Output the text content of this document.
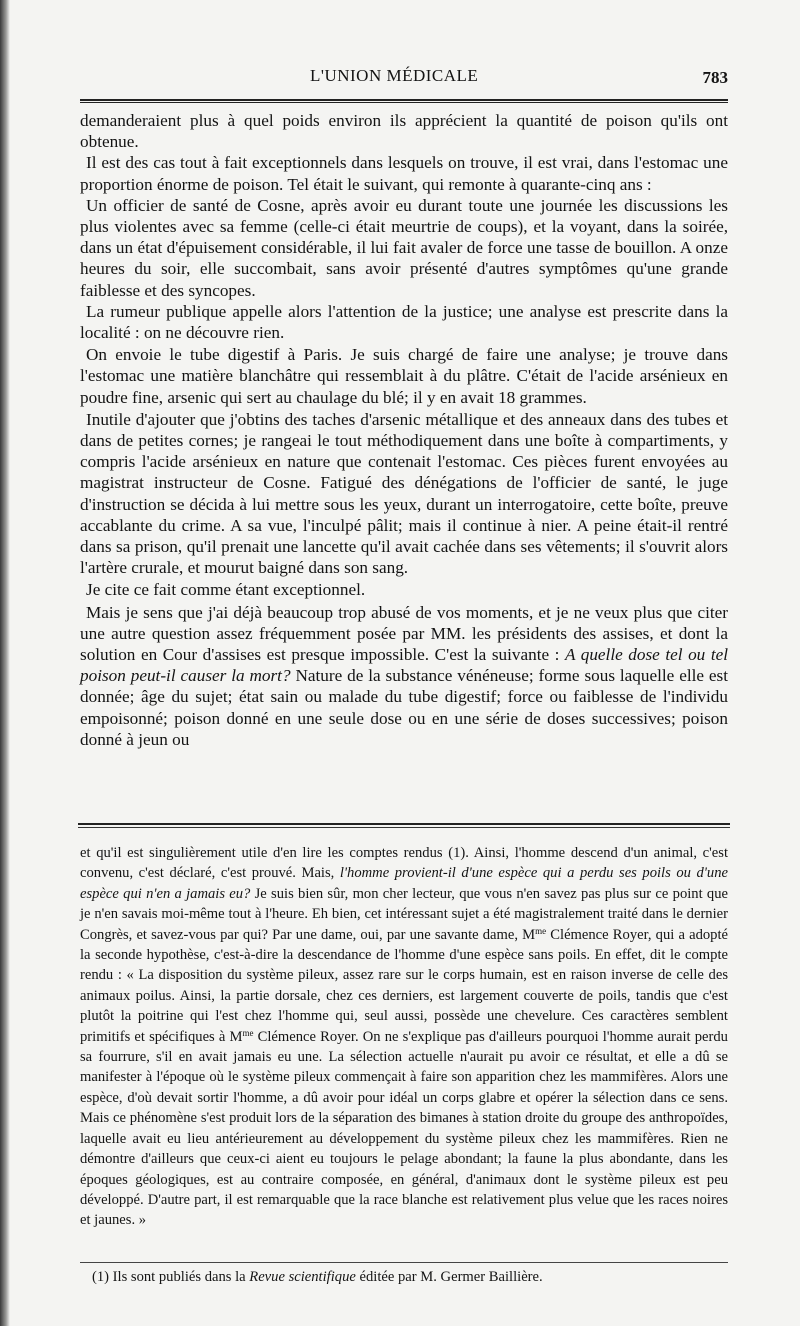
L'UNION MÉDICALE	783

demanderaient plus à quel poids environ ils apprécient la quantité de poison qu'ils ont obtenue.

Il est des cas tout à fait exceptionnels dans lesquels on trouve, il est vrai, dans l'estomac une proportion énorme de poison. Tel était le suivant, qui remonte à quarante-cinq ans :

Un officier de santé de Cosne, après avoir eu durant toute une journée les discussions les plus violentes avec sa femme (celle-ci était meurtrie de coups), et la voyant, dans la soirée, dans un état d'épuisement considérable, il lui fait avaler de force une tasse de bouillon. A onze heures du soir, elle succombait, sans avoir présenté d'autres symptômes qu'une grande faiblesse et des syncopes.

La rumeur publique appelle alors l'attention de la justice; une analyse est prescrite dans la localité : on ne découvre rien.

On envoie le tube digestif à Paris. Je suis chargé de faire une analyse; je trouve dans l'estomac une matière blanchâtre qui ressemblait à du plâtre. C'était de l'acide arsénieux en poudre fine, arsenic qui sert au chaulage du blé; il y en avait 18 grammes.

Inutile d'ajouter que j'obtins des taches d'arsenic métallique et des anneaux dans des tubes et dans de petites cornes; je rangeai le tout méthodiquement dans une boîte à compartiments, y compris l'acide arsénieux en nature que contenait l'estomac. Ces pièces furent envoyées au magistrat instructeur de Cosne. Fatigué des dénégations de l'officier de santé, le juge d'instruction se décida à lui mettre sous les yeux, durant un interrogatoire, cette boîte, preuve accablante du crime. A sa vue, l'inculpé pâlit; mais il continue à nier. A peine était-il rentré dans sa prison, qu'il prenait une lancette qu'il avait cachée dans ses vêtements; il s'ouvrit alors l'artère crurale, et mourut baigné dans son sang.

Je cite ce fait comme étant exceptionnel.

Mais je sens que j'ai déjà beaucoup trop abusé de vos moments, et je ne veux plus que citer une autre question assez fréquemment posée par MM. les présidents des assises, et dont la solution en Cour d'assises est presque impossible. C'est la suivante : A quelle dose tel ou tel poison peut-il causer la mort? Nature de la substance vénéneuse; forme sous laquelle elle est donnée; âge du sujet; état sain ou malade du tube digestif; force ou faiblesse de l'individu empoisonné; poison donné en une seule dose ou en une série de doses successives; poison donné à jeun ou

et qu'il est singulièrement utile d'en lire les comptes rendus (1). Ainsi, l'homme descend d'un animal, c'est convenu, c'est déclaré, c'est prouvé. Mais, l'homme provient-il d'une espèce qui a perdu ses poils ou d'une espèce qui n'en a jamais eu? Je suis bien sûr, mon cher lecteur, que vous n'en savez pas plus sur ce point que je n'en savais moi-même tout à l'heure. Eh bien, cet intéressant sujet a été magistralement traité dans le dernier Congrès, et savez-vous par qui? Par une dame, oui, par une savante dame, $M^{me}$ Clémence Royer, qui a adopté la seconde hypothèse, c'est-à-dire la descendance de l'homme d'une espèce sans poils. En effet, dit le compte rendu : « La disposition du système pileux, assez rare sur le corps humain, est en raison inverse de celle des animaux poilus. Ainsi, la partie dorsale, chez ces derniers, est largement couverte de poils, tandis que c'est plutôt la poitrine qui l'est chez l'homme qui, seul aussi, possède une chevelure. Ces caractères semblent primitifs et spécifiques à $M^{me}$ Clémence Royer. On ne s'explique pas d'ailleurs pourquoi l'homme aurait perdu sa fourrure, s'il en avait jamais eu une. La sélection actuelle n'aurait pu avoir ce résultat, et elle a dû se manifester à l'époque où le système pileux commençait à faire son apparition chez les mammifères. Alors une espèce, d'où devait sortir l'homme, a dû avoir pour idéal un corps glabre et opérer la sélection dans ce sens. Mais ce phénomène s'est produit lors de la séparation des bimanes à station droite du groupe des anthropoïdes, laquelle avait eu lieu antérieurement au développement du système pileux chez les mammifères. Rien ne démontre d'ailleurs que ceux-ci aient eu toujours le pelage abondant; la faune la plus abondante, dans les époques géologiques, est au contraire composée, en général, d'animaux dont le système pileux est peu développé. D'autre part, il est remarquable que la race blanche est relativement plus velue que les races noires et jaunes. »

(1) Ils sont publiés dans la Revue scientifique éditée par M. Germer Baillière.
